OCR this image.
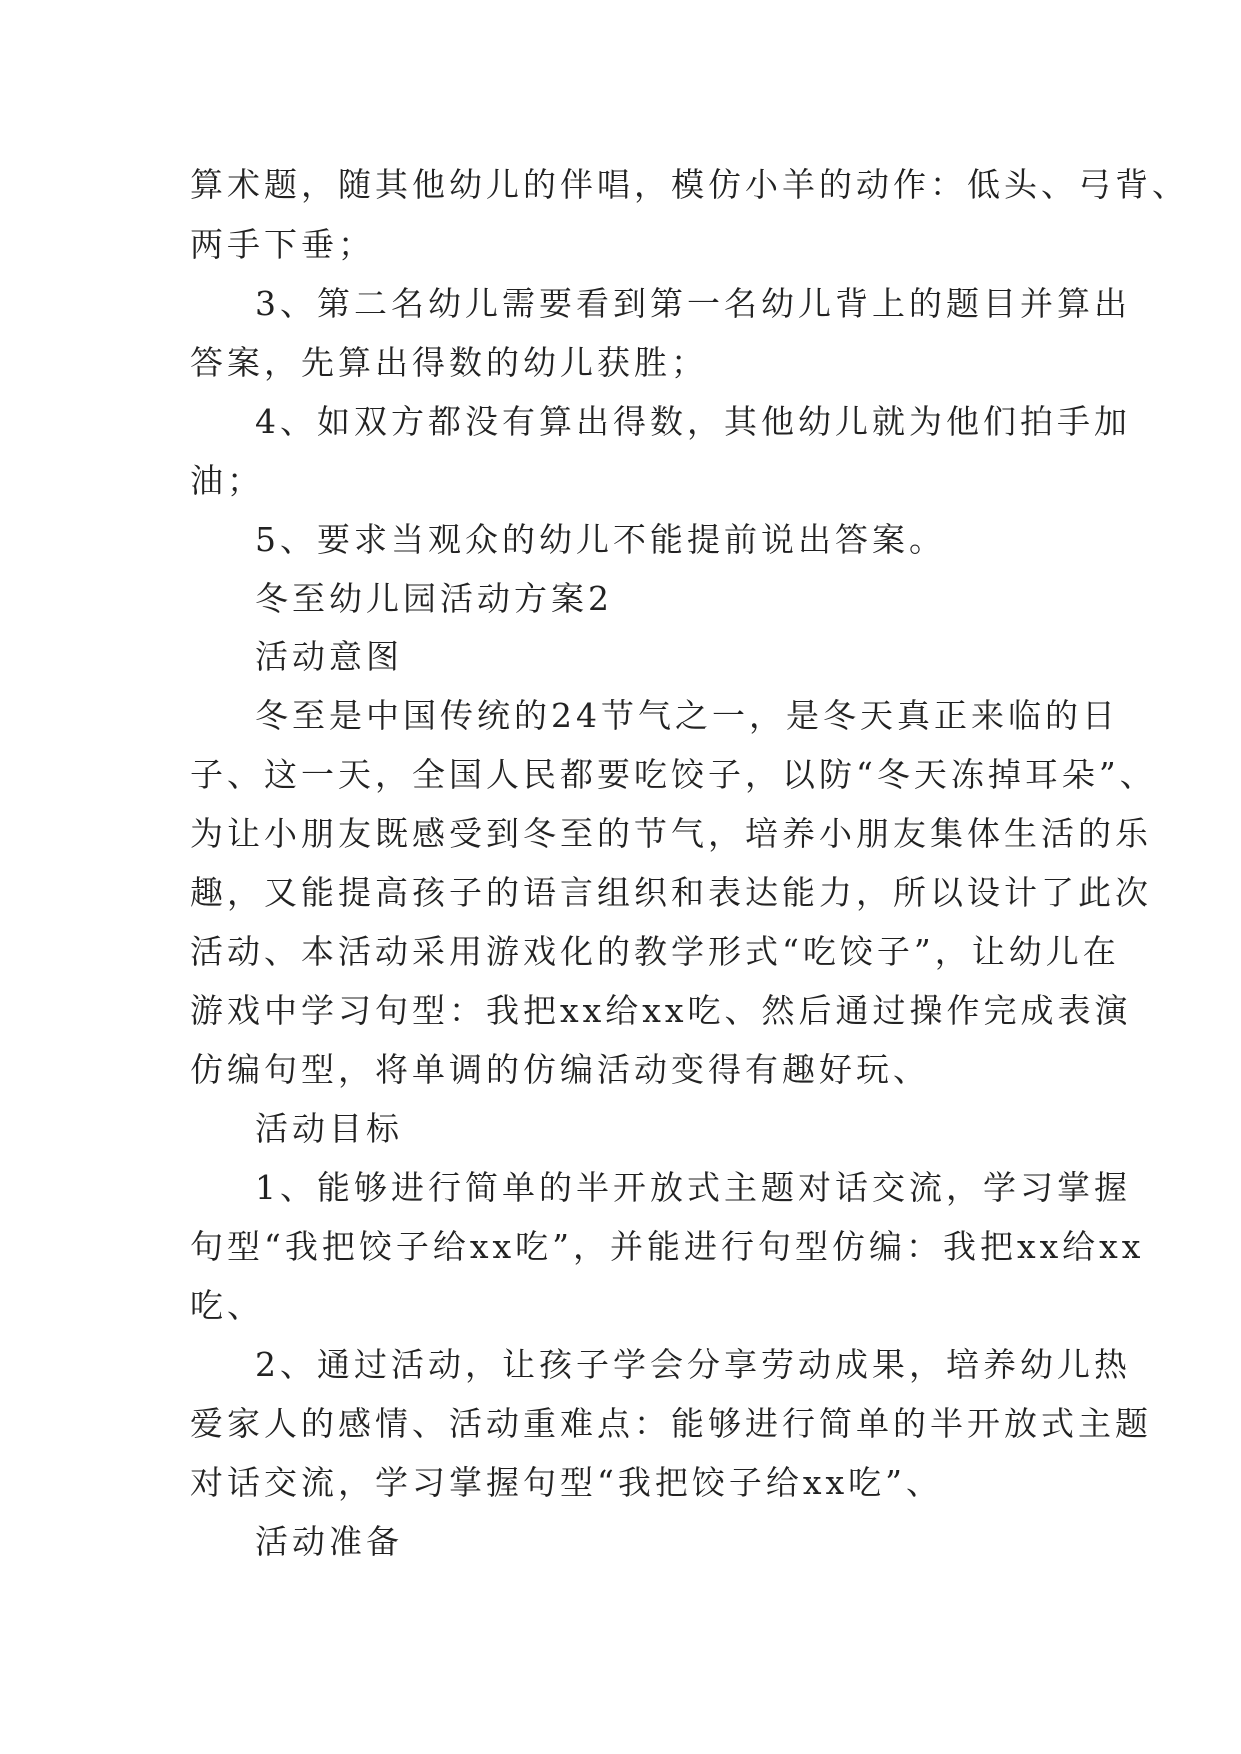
算术题，随其他幼儿的伴唱，模仿小羊的动作：低头、弓背、
两手下垂；
3、第二名幼儿需要看到第一名幼儿背上的题目并算出
答案，先算出得数的幼儿获胜；
4、如双方都没有算出得数，其他幼儿就为他们拍手加
油；
5、要求当观众的幼儿不能提前说出答案。
冬至幼儿园活动方案2
活动意图
冬至是中国传统的24节气之一，是冬天真正来临的日
子、这一天，全国人民都要吃饺子，以防“冬天冻掉耳朵”、
为让小朋友既感受到冬至的节气，培养小朋友集体生活的乐
趣，又能提高孩子的语言组织和表达能力，所以设计了此次
活动、本活动采用游戏化的教学形式“吃饺子”，让幼儿在
游戏中学习句型：我把xx给xx吃、然后通过操作完成表演
仿编句型，将单调的仿编活动变得有趣好玩、
活动目标
1、能够进行简单的半开放式主题对话交流，学习掌握
句型“我把饺子给xx吃”，并能进行句型仿编：我把xx给xx
吃、
2、通过活动，让孩子学会分享劳动成果，培养幼儿热
爱家人的感情、活动重难点：能够进行简单的半开放式主题
对话交流，学习掌握句型“我把饺子给xx吃”、
活动准备
